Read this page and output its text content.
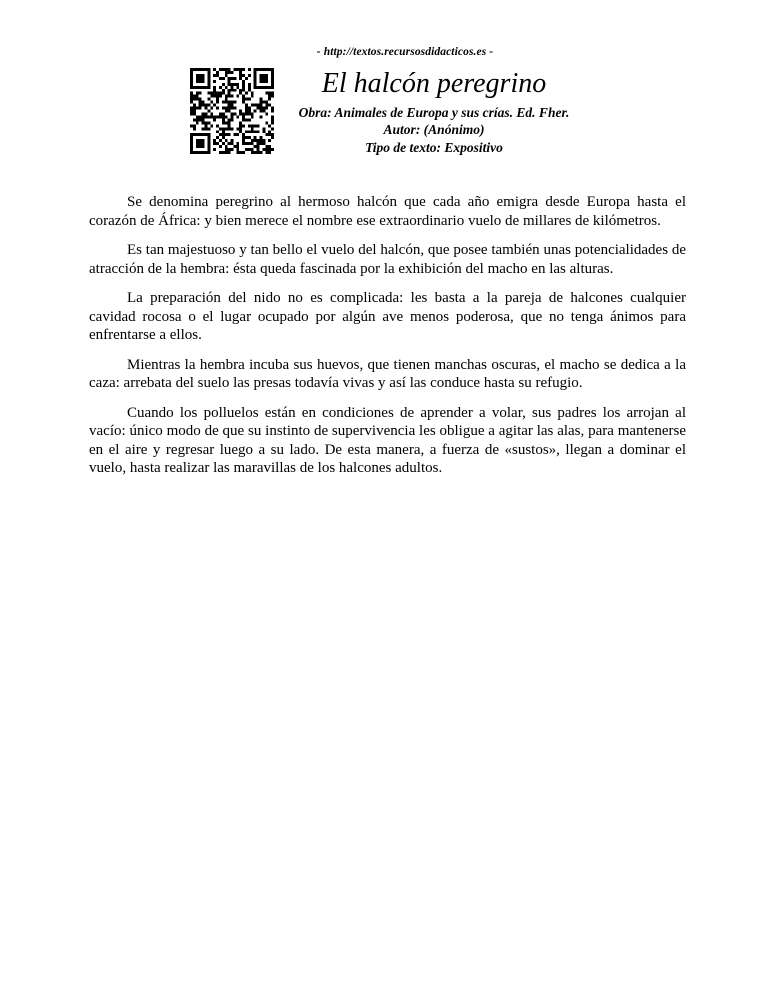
- http://textos.recursosdidacticos.es -
El halcón peregrino
Obra: Animales de Europa y sus crías. Ed. Fher.
Autor: (Anónimo)
Tipo de texto: Expositivo

Se denomina peregrino al hermoso halcón que cada año emigra desde Europa hasta el corazón de África: y bien merece el nombre ese extraordinario vuelo de millares de kilómetros.

Es tan majestuoso y tan bello el vuelo del halcón, que posee también unas potencialidades de atracción de la hembra: ésta queda fascinada por la exhibición del macho en las alturas.

La preparación del nido no es complicada: les basta a la pareja de halcones cualquier cavidad rocosa o el lugar ocupado por algún ave menos poderosa, que no tenga ánimos para enfrentarse a ellos.

Mientras la hembra incuba sus huevos, que tienen manchas oscuras, el macho se dedica a la caza: arrebata del suelo las presas todavía vivas y así las conduce hasta su refugio.

Cuando los polluelos están en condiciones de aprender a volar, sus padres los arrojan al vacío: único modo de que su instinto de supervivencia les obligue a agitar las alas, para mantenerse en el aire y regresar luego a su lado. De esta manera, a fuerza de «sustos», llegan a dominar el vuelo, hasta realizar las maravillas de los halcones adultos.
